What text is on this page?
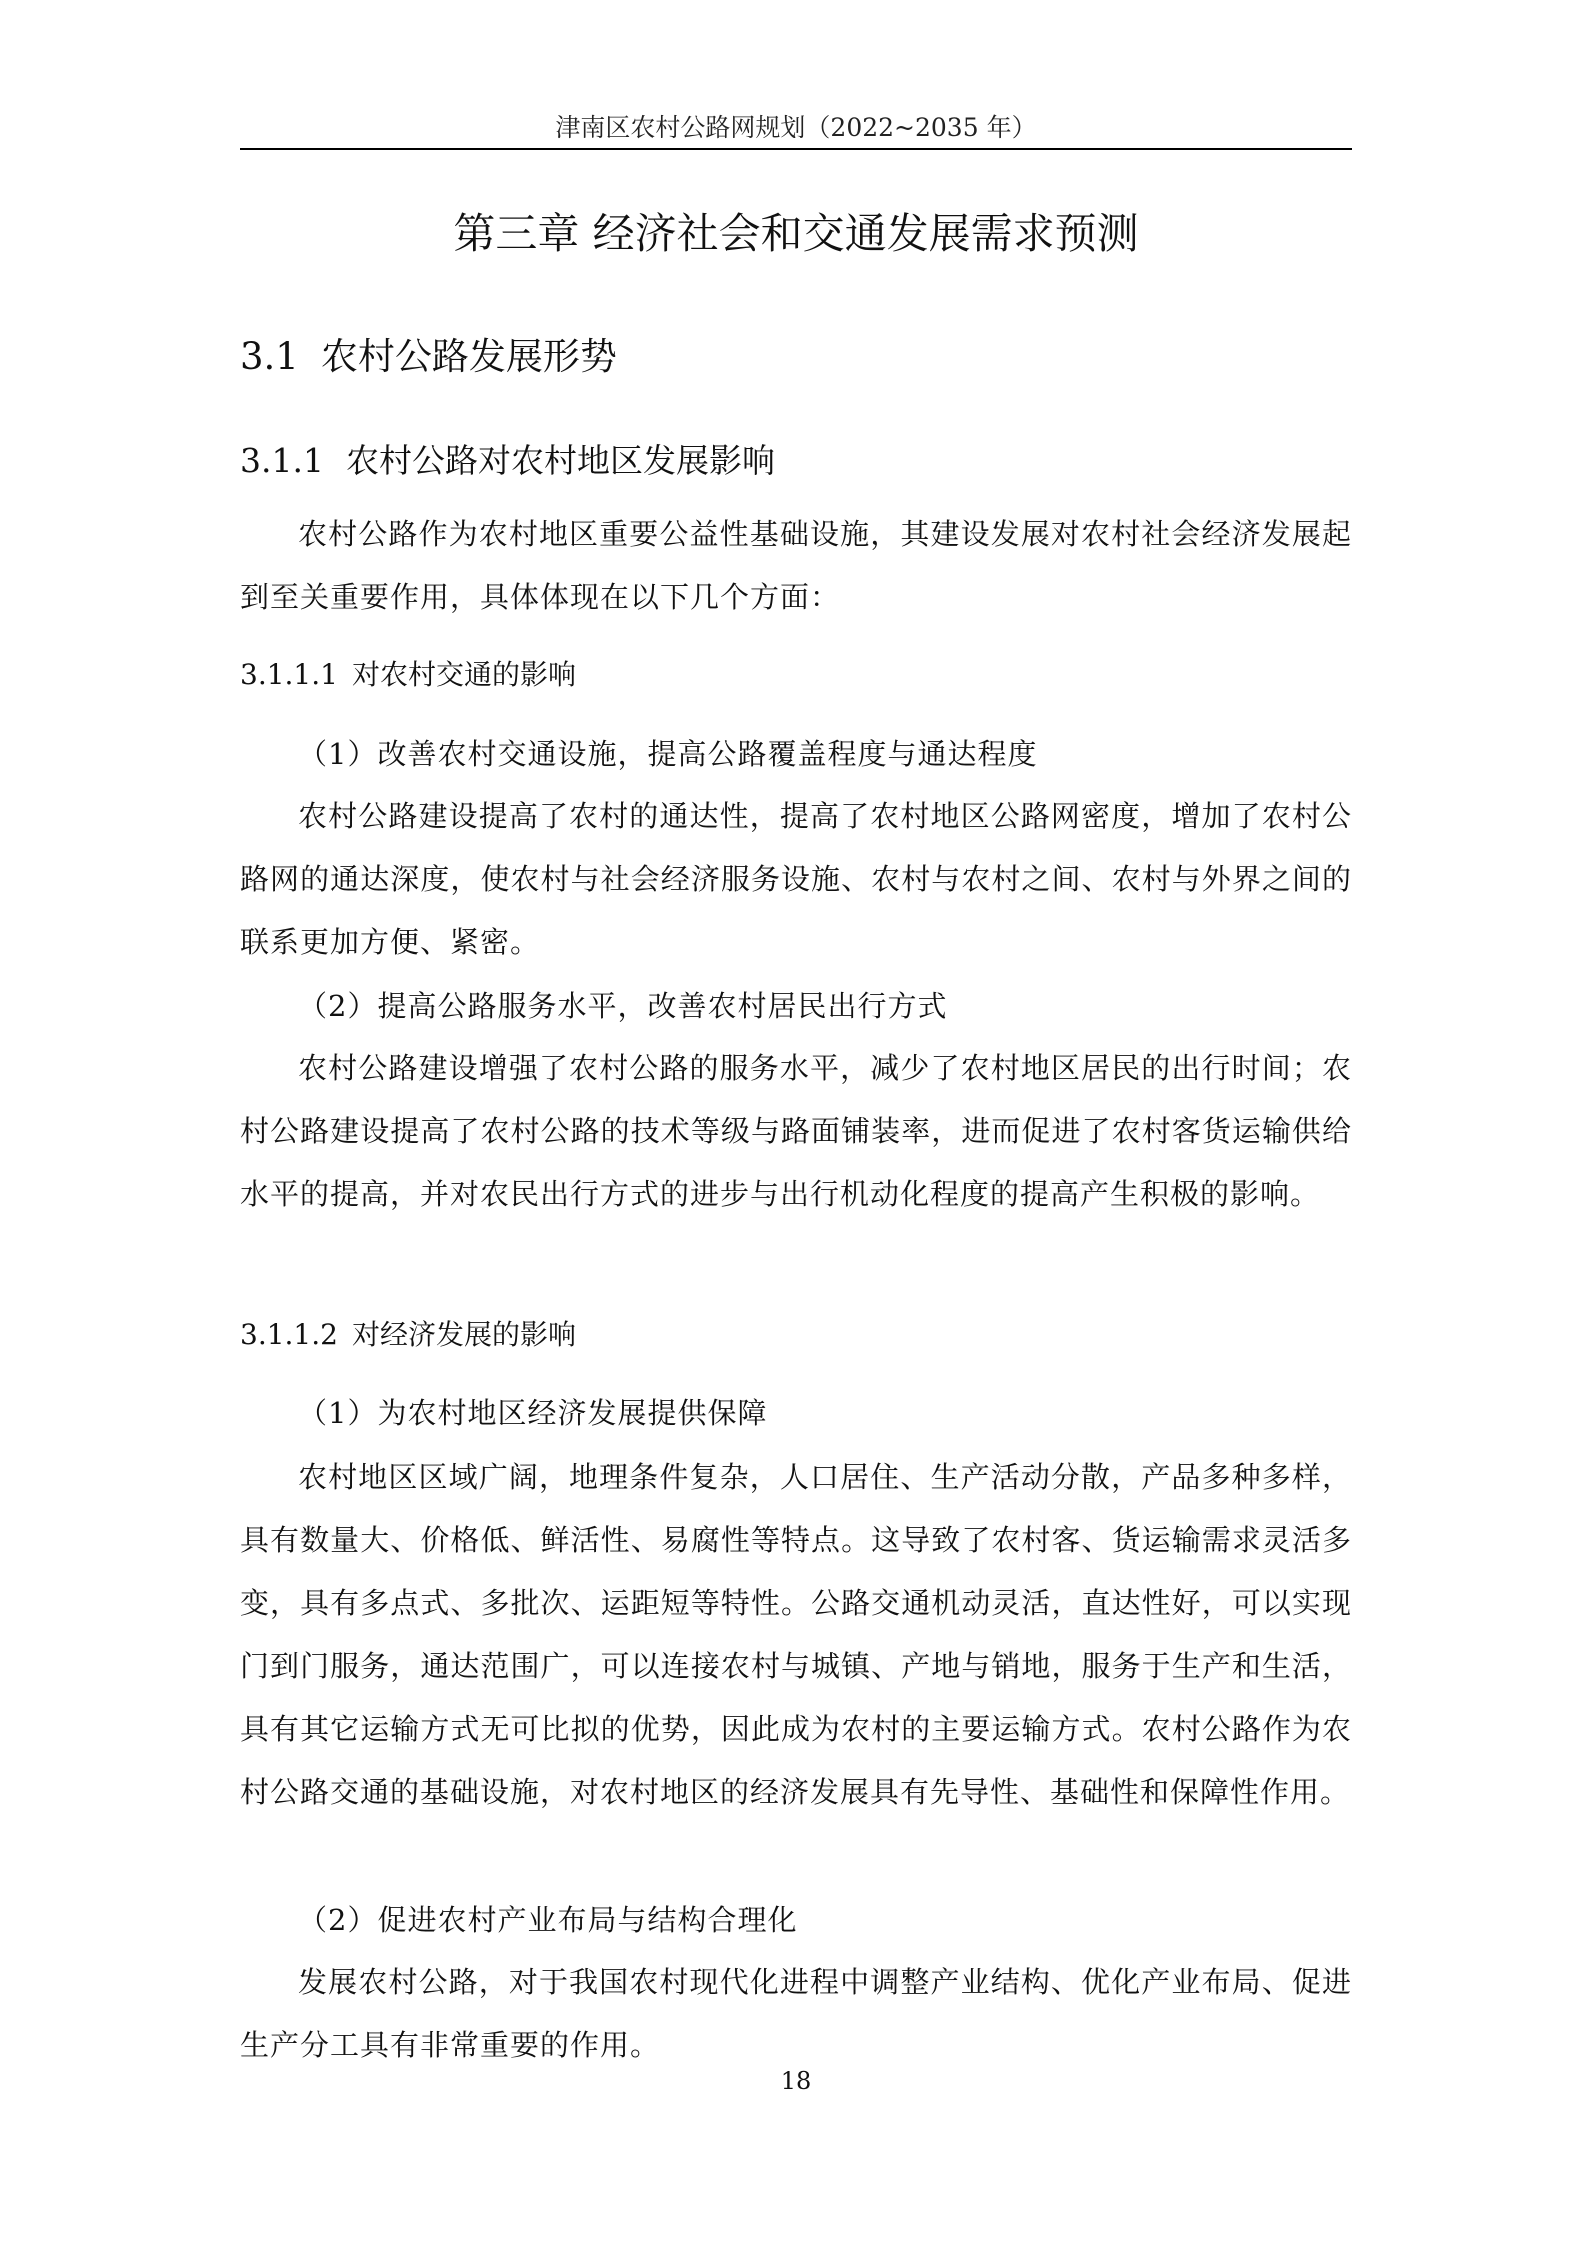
津南区农村公路网规划（2022~2035 年）
第三章 经济社会和交通发展需求预测
3.1 农村公路发展形势
3.1.1 农村公路对农村地区发展影响

农村公路作为农村地区重要公益性基础设施，其建设发展对农村社会经济发展起到至关重要作用，具体体现在以下几个方面：

3.1.1.1 对农村交通的影响

（1）改善农村交通设施，提高公路覆盖程度与通达程度

农村公路建设提高了农村的通达性，提高了农村地区公路网密度，增加了农村公路网的通达深度，使农村与社会经济服务设施、农村与农村之间、农村与外界之间的联系更加方便、紧密。

（2）提高公路服务水平，改善农村居民出行方式

农村公路建设增强了农村公路的服务水平，减少了农村地区居民的出行时间；农村公路建设提高了农村公路的技术等级与路面铺装率，进而促进了农村客货运输供给水平的提高，并对农民出行方式的进步与出行机动化程度的提高产生积极的影响。

3.1.1.2 对经济发展的影响

（1）为农村地区经济发展提供保障

农村地区区域广阔，地理条件复杂，人口居住、生产活动分散，产品多种多样，具有数量大、价格低、鲜活性、易腐性等特点。这导致了农村客、货运输需求灵活多变，具有多点式、多批次、运距短等特性。公路交通机动灵活，直达性好，可以实现门到门服务，通达范围广，可以连接农村与城镇、产地与销地，服务于生产和生活，具有其它运输方式无可比拟的优势，因此成为农村的主要运输方式。农村公路作为农村公路交通的基础设施，对农村地区的经济发展具有先导性、基础性和保障性作用。

（2）促进农村产业布局与结构合理化

发展农村公路，对于我国农村现代化进程中调整产业结构、优化产业布局、促进生产分工具有非常重要的作用。

18
